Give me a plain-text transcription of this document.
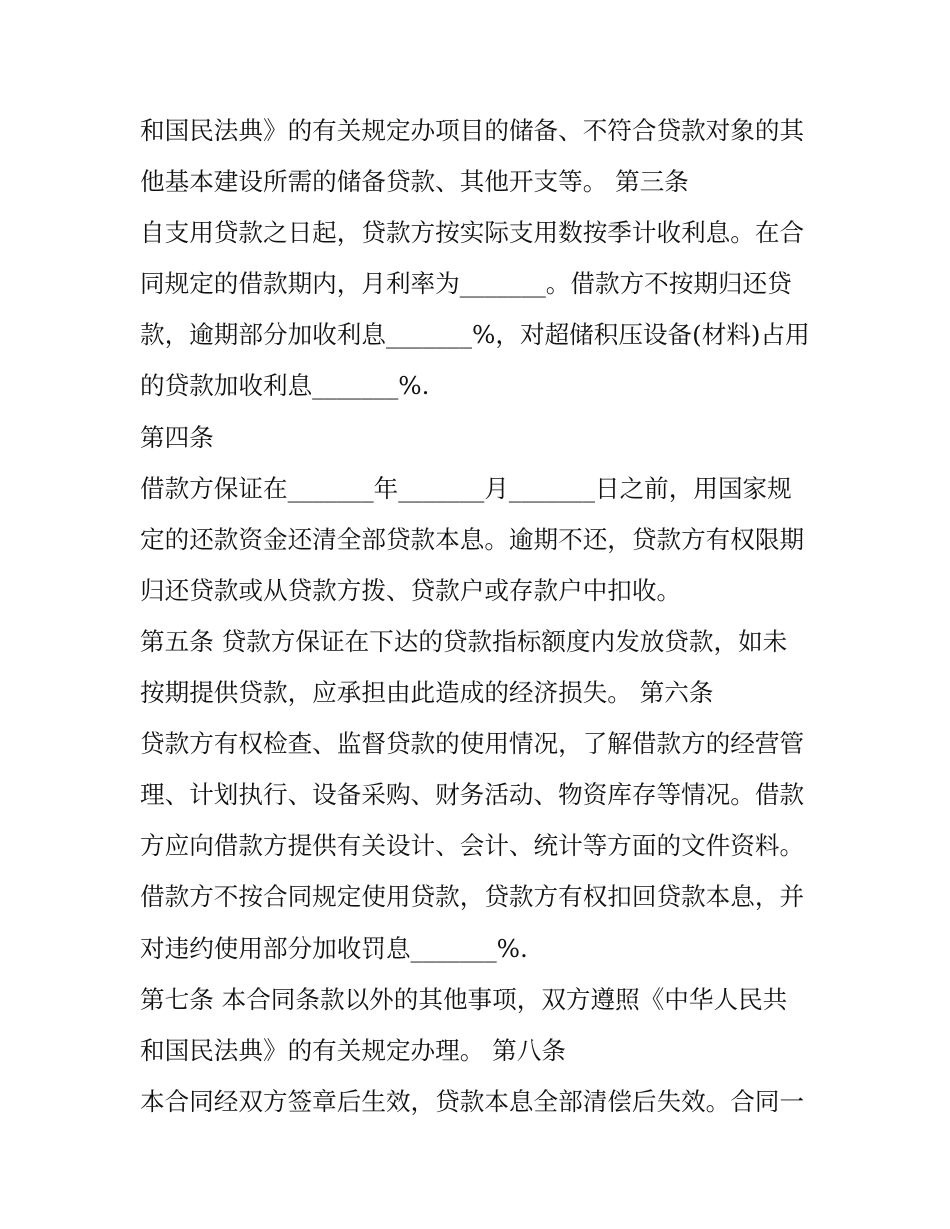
和国民法典》的有关规定办项目的储备、不符合贷款对象的其
他基本建设所需的储备贷款、其他开支等。 第三条
自支用贷款之日起，贷款方按实际支用数按季计收利息。在合
同规定的借款期内，月利率为_______。借款方不按期归还贷
款，逾期部分加收利息_______%，对超储积压设备(材料)占用
的贷款加收利息_______%.
第四条
借款方保证在_______年_______月_______日之前，用国家规
定的还款资金还清全部贷款本息。逾期不还，贷款方有权限期
归还贷款或从贷款方拨、贷款户或存款户中扣收。
第五条 贷款方保证在下达的贷款指标额度内发放贷款，如未
按期提供贷款，应承担由此造成的经济损失。 第六条
贷款方有权检查、监督贷款的使用情况，了解借款方的经营管
理、计划执行、设备采购、财务活动、物资库存等情况。借款
方应向借款方提供有关设计、会计、统计等方面的文件资料。
借款方不按合同规定使用贷款，贷款方有权扣回贷款本息，并
对违约使用部分加收罚息_______%.
第七条 本合同条款以外的其他事项，双方遵照《中华人民共
和国民法典》的有关规定办理。 第八条
本合同经双方签章后生效，贷款本息全部清偿后失效。合同一
